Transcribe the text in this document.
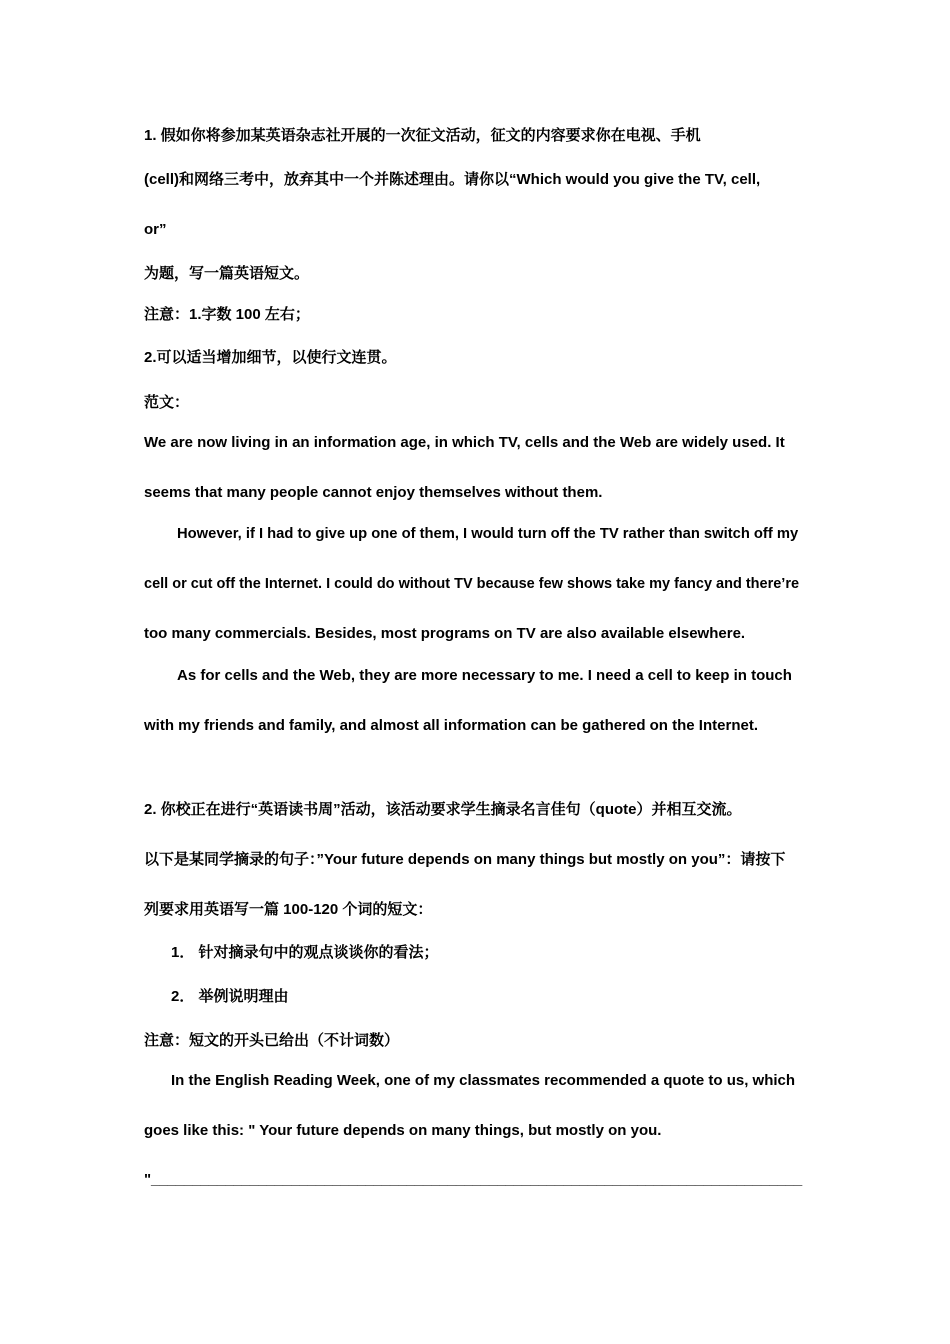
1. 假如你将参加某英语杂志社开展的一次征文活动，征文的内容要求你在电视、手机
(cell)和网络三考中，放弃其中一个并陈述理由。请你以“Which would you give the TV, cell,
or”
为题，写一篇英语短文。
注意：1.字数 100 左右；
2.可以适当增加细节，以使行文连贯。
范文：
We are now living in an information age, in which TV, cells and the Web are widely used. It
seems that many people cannot enjoy themselves without them.
However, if I had to give up one of them, I would turn off the TV rather than switch off my
cell or cut off the Internet. I could do without TV because few shows take my fancy and there’re
too many commercials. Besides, most programs on TV are also available elsewhere.
As for cells and the Web, they are more necessary to me. I need a cell to keep in touch
with my friends and family, and almost all information can be gathered on the Internet.
2. 你校正在进行“英语读书周”活动，该活动要求学生摘录名言佳句（quote）并相互交流。
以下是某同学摘录的句子：”Your future depends on many things but mostly on you”：请按下
列要求用英语写一篇 100-120 个词的短文：
1． 针对摘录句中的观点谈谈你的看法；
2． 举例说明理由
注意：短文的开头已给出（不计词数）
In the English Reading Week, one of my classmates recommended a quote to us, which
goes like this: " Your future depends on many things, but mostly on you.
"_______________________________________________________________________________
